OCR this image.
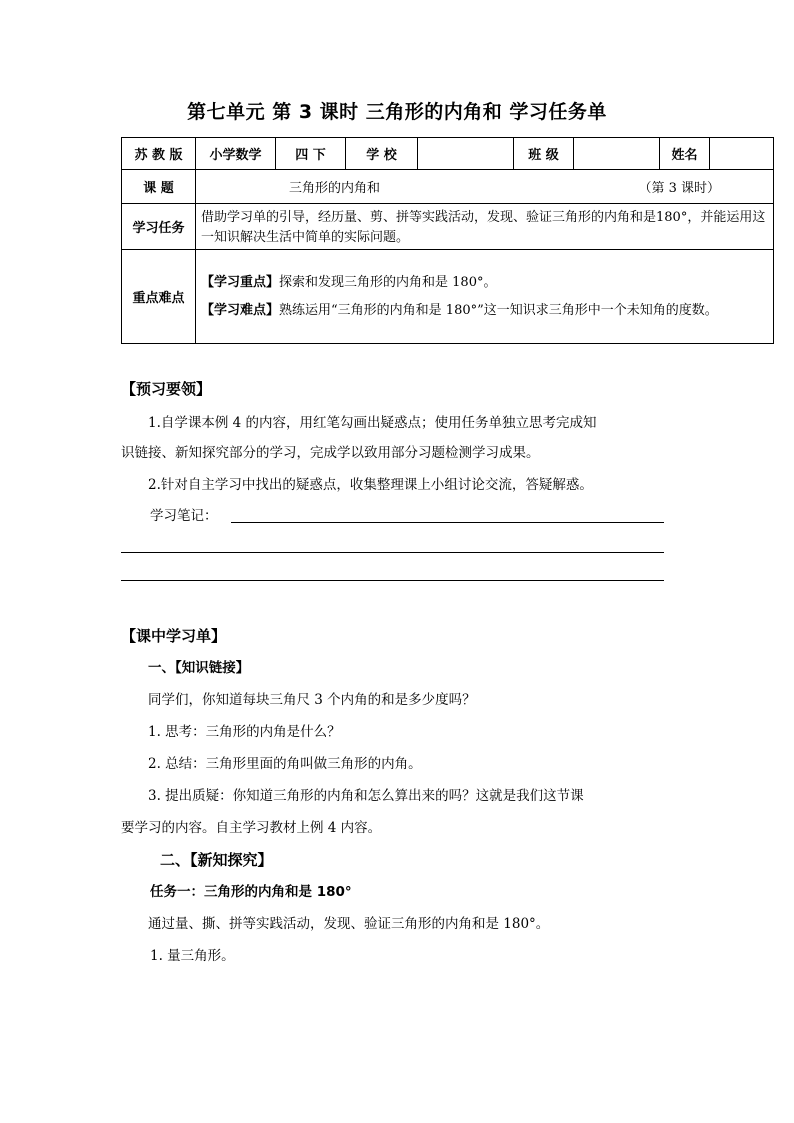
第七单元 第 3 课时 三角形的内角和 学习任务单
苏 教 版	小学数学	四 下	学 校		班 级		姓名	
课 题	三角形的内角和 （第 3 课时）							

学习任务	借助学习单的引导，经历量、剪、拼等实践活动，发现、验证三角形的内角和是180°，并能运用这一知识解决生活中简单的实际问题。							
重点难点	【学习重点】探索和发现三角形的内角和是 180°。
【学习难点】熟练运用“三角形的内角和是 180°”这一知识求三角形中一个未知角的度数。							
【预习要领】
1.自学课本例 4 的内容，用红笔勾画出疑惑点；使用任务单独立思考完成知
识链接、新知探究部分的学习，完成学以致用部分习题检测学习成果。
2.针对自主学习中找出的疑惑点，收集整理课上小组讨论交流，答疑解惑。
学习笔记：
【课中学习单】
一、【知识链接】
同学们，你知道每块三角尺 3 个内角的和是多少度吗？
1. 思考：三角形的内角是什么？
2. 总结：三角形里面的角叫做三角形的内角。
3. 提出质疑：你知道三角形的内角和怎么算出来的吗？这就是我们这节课
要学习的内容。自主学习教材上例 4 内容。
二、【新知探究】
任务一：三角形的内角和是 180°
通过量、撕、拼等实践活动，发现、验证三角形的内角和是 180°。
1. 量三角形。
